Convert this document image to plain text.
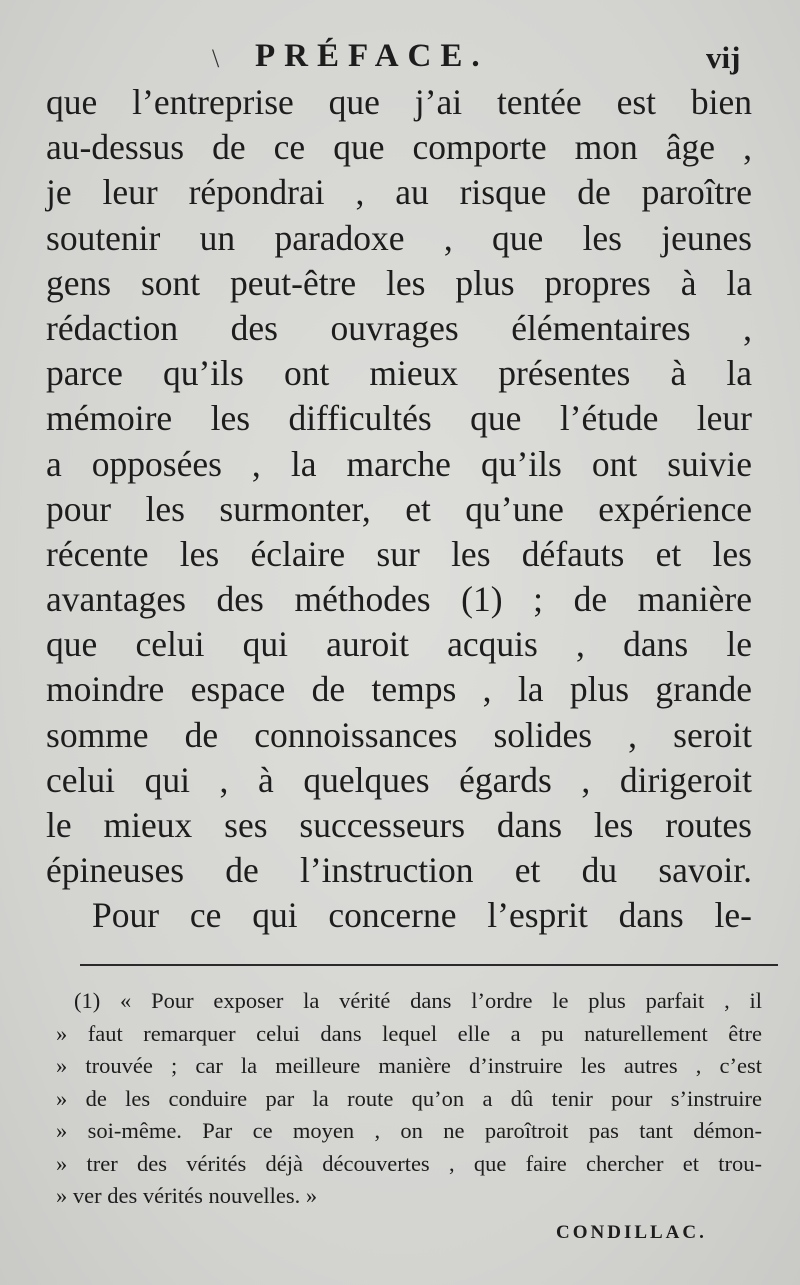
\ PRÉFACE.	vij
que l’entreprise que j’ai tentée est bien
au-dessus de ce que comporte mon âge ,
je leur répondrai , au risque de paroître
soutenir un paradoxe , que les jeunes
gens sont peut-être les plus propres à la
rédaction des ouvrages élémentaires ,
parce qu’ils ont mieux présentes à la
mémoire les difficultés que l’étude leur
a opposées , la marche qu’ils ont suivie
pour les surmonter, et qu’une expérience
récente les éclaire sur les défauts et les
avantages des méthodes (1) ; de manière
que celui qui auroit acquis , dans le
moindre espace de temps , la plus grande
somme de connoissances solides , seroit
celui qui , à quelques égards , dirigeroit
le mieux ses successeurs dans les routes
épineuses de l’instruction et du savoir.
Pour ce qui concerne l’esprit dans le-
(1) « Pour exposer la vérité dans l’ordre le plus parfait , il
» faut remarquer celui dans lequel elle a pu naturellement être
» trouvée ; car la meilleure manière d’instruire les autres , c’est
» de les conduire par la route qu’on a dû tenir pour s’instruire
» soi-même. Par ce moyen , on ne paroîtroit pas tant démon-
» trer des vérités déjà découvertes , que faire chercher et trou-
» ver des vérités nouvelles. »
CONDILLAC.
